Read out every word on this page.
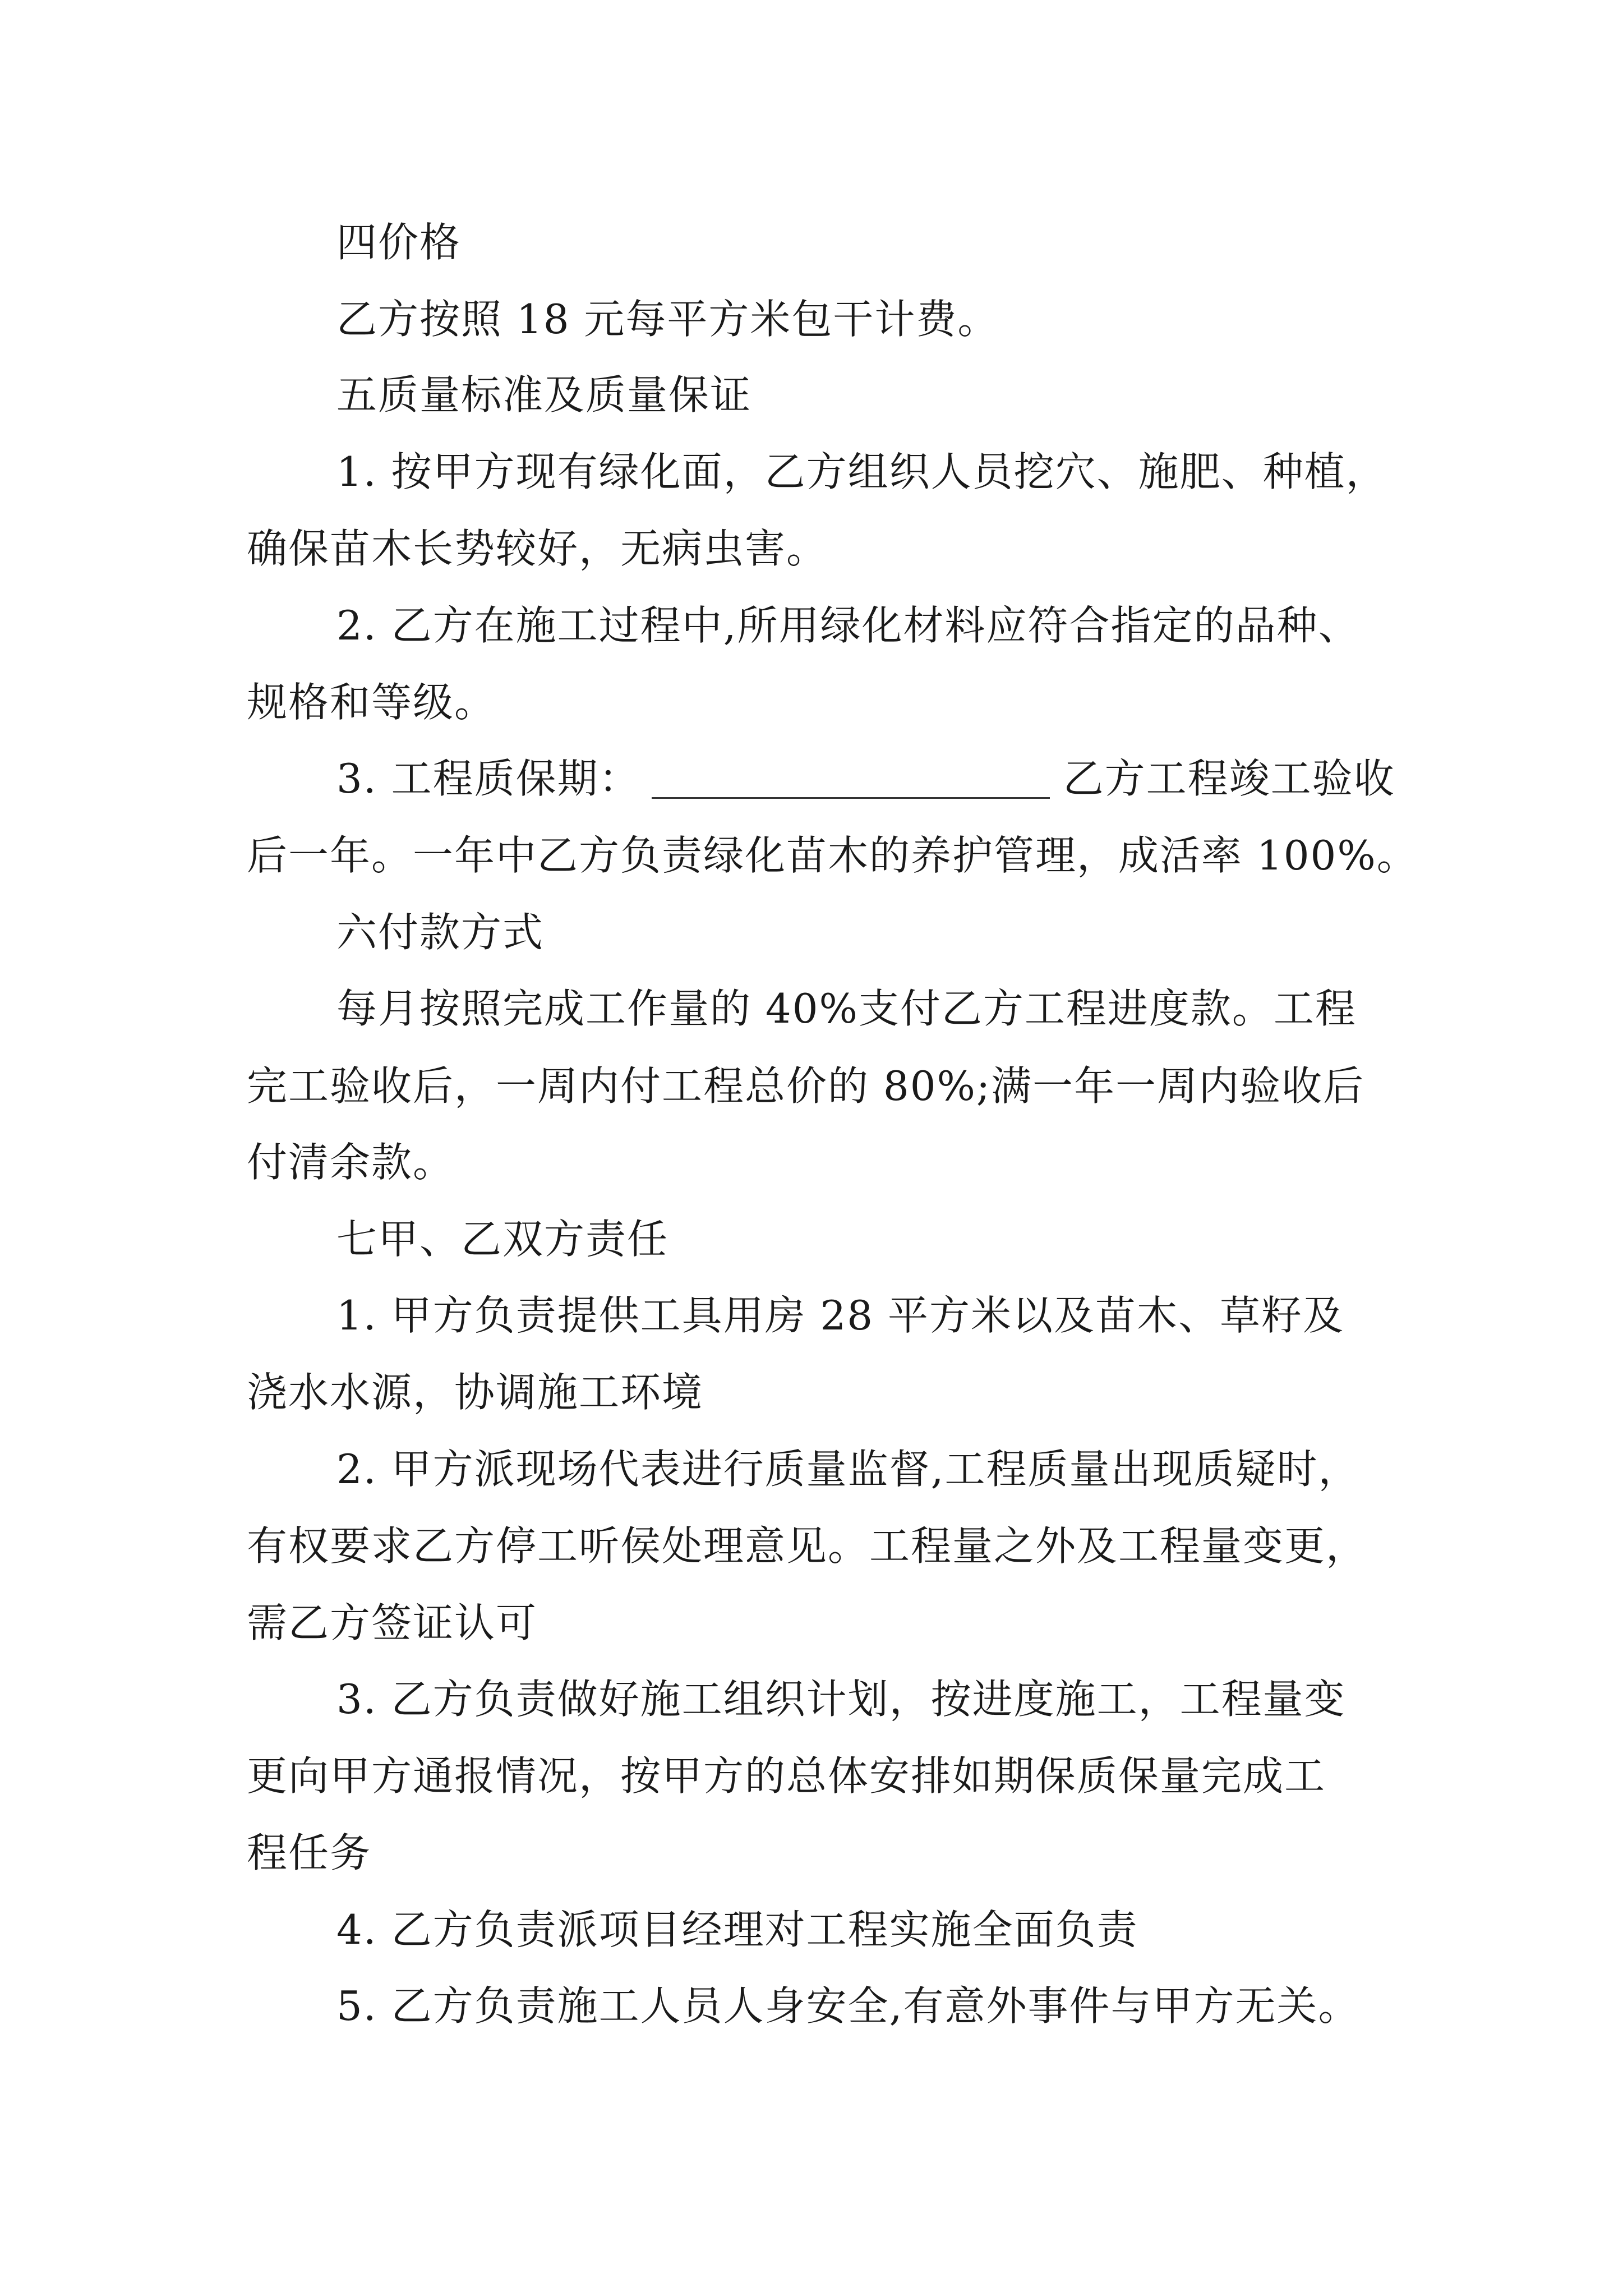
四价格
乙方按照 18 元每平方米包干计费。
五质量标准及质量保证
1. 按甲方现有绿化面，乙方组织人员挖穴、施肥、种植，
确保苗木长势较好，无病虫害。
2. 乙方在施工过程中,所用绿化材料应符合指定的品种、
规格和等级。
3. 工程质保期：	乙方工程竣工验收
后一年。一年中乙方负责绿化苗木的养护管理，成活率 100%。
六付款方式
每月按照完成工作量的 40%支付乙方工程进度款。工程
完工验收后，一周内付工程总价的 80%;满一年一周内验收后
付清余款。
七甲、乙双方责任
1. 甲方负责提供工具用房 28 平方米以及苗木、草籽及
浇水水源，协调施工环境
2. 甲方派现场代表进行质量监督,工程质量出现质疑时，
有权要求乙方停工听侯处理意见。工程量之外及工程量变更，
需乙方签证认可
3. 乙方负责做好施工组织计划，按进度施工，工程量变
更向甲方通报情况，按甲方的总体安排如期保质保量完成工
程任务
4. 乙方负责派项目经理对工程实施全面负责
5. 乙方负责施工人员人身安全,有意外事件与甲方无关。
